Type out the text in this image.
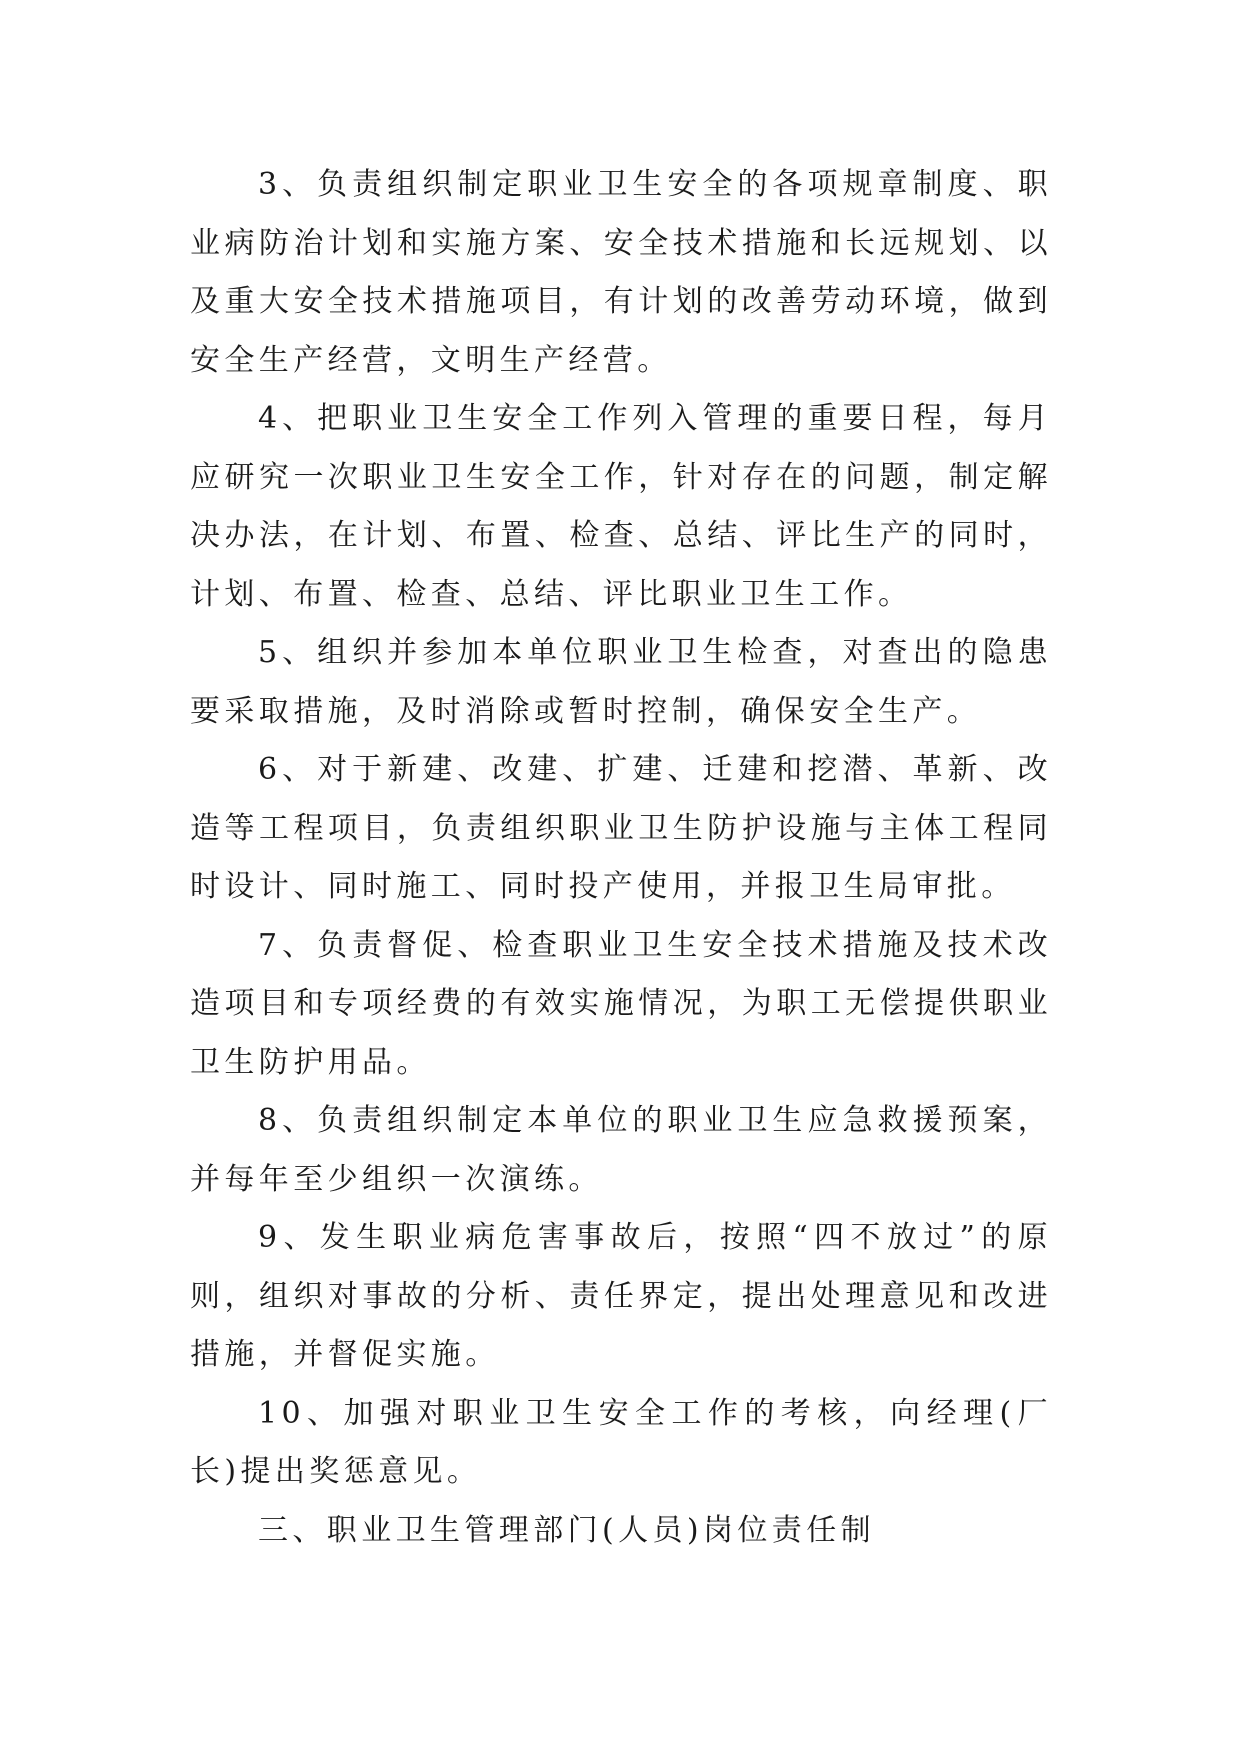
3、负责组织制定职业卫生安全的各项规章制度、职业病防治计划和实施方案、安全技术措施和长远规划、以及重大安全技术措施项目，有计划的改善劳动环境，做到安全生产经营，文明生产经营。

4、把职业卫生安全工作列入管理的重要日程，每月应研究一次职业卫生安全工作，针对存在的问题，制定解决办法，在计划、布置、检查、总结、评比生产的同时，计划、布置、检查、总结、评比职业卫生工作。

5、组织并参加本单位职业卫生检查，对查出的隐患要采取措施，及时消除或暂时控制，确保安全生产。

6、对于新建、改建、扩建、迁建和挖潜、革新、改造等工程项目，负责组织职业卫生防护设施与主体工程同时设计、同时施工、同时投产使用，并报卫生局审批。

7、负责督促、检查职业卫生安全技术措施及技术改造项目和专项经费的有效实施情况，为职工无偿提供职业卫生防护用品。

8、负责组织制定本单位的职业卫生应急救援预案，并每年至少组织一次演练。

9、发生职业病危害事故后，按照“四不放过”的原则，组织对事故的分析、责任界定，提出处理意见和改进措施，并督促实施。

10、加强对职业卫生安全工作的考核，向经理(厂长)提出奖惩意见。

三、职业卫生管理部门(人员)岗位责任制
